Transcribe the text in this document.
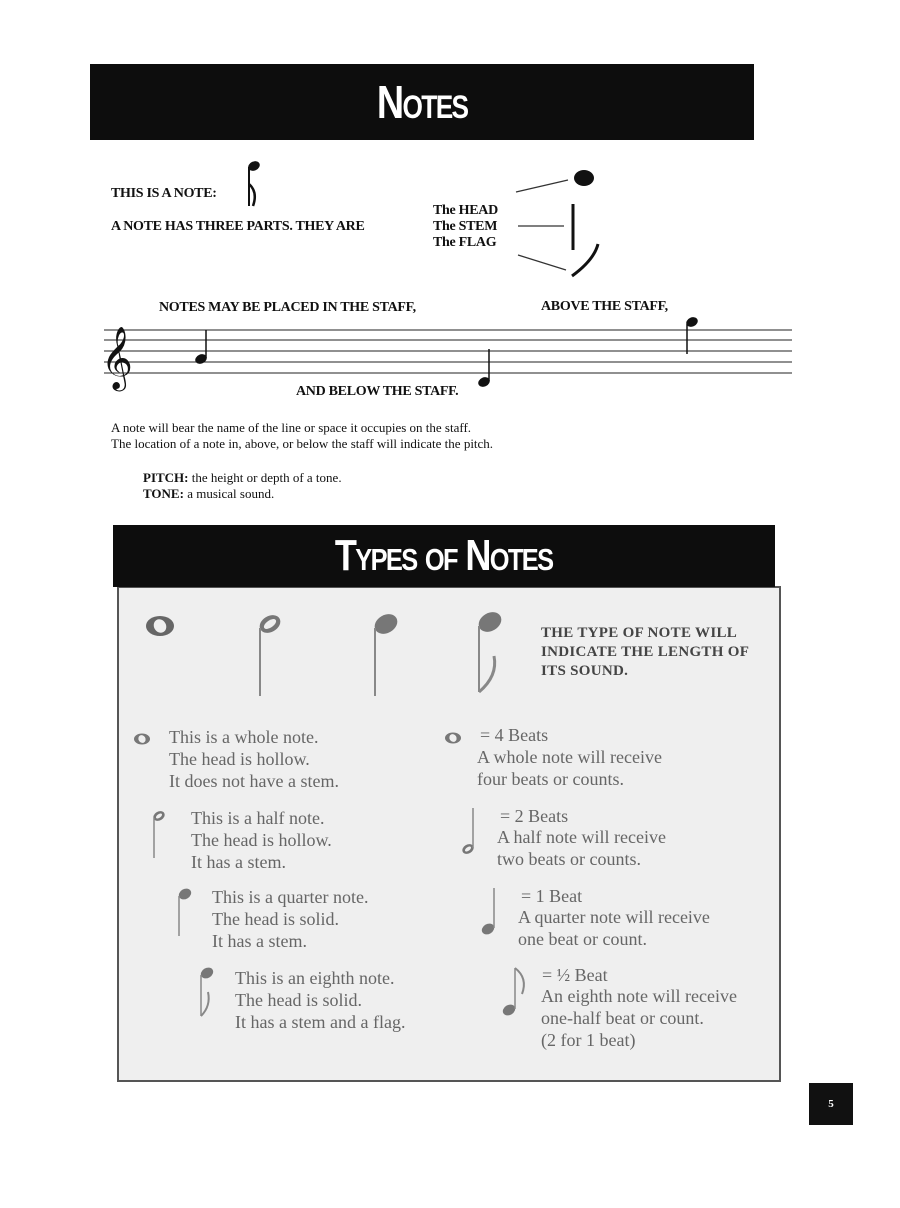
Notes
THIS IS A NOTE:
A NOTE HAS THREE PARTS. THEY ARE
The HEAD
The STEM
The FLAG
NOTES MAY BE PLACED IN THE STAFF,	ABOVE THE STAFF,
AND BELOW THE STAFF.
𝄞
A note will bear the name of the line or space it occupies on the staff.
The location of a note in, above, or below the staff will indicate the pitch.
PITCH: the height or depth of a tone.
TONE: a musical sound.
Types of Notes
THE TYPE OF NOTE WILL
INDICATE THE LENGTH OF
ITS SOUND.
This is a whole note.
The head is hollow.
It does not have a stem.
= 4 Beats
A whole note will receive
four beats or counts.
This is a half note.
The head is hollow.
It has a stem.
= 2 Beats
A half note will receive
two beats or counts.
This is a quarter note.
The head is solid.
It has a stem.
= 1 Beat
A quarter note will receive
one beat or count.
This is an eighth note.
The head is solid.
It has a stem and a flag.
= ½ Beat
An eighth note will receive
one-half beat or count.
(2 for 1 beat)
5
